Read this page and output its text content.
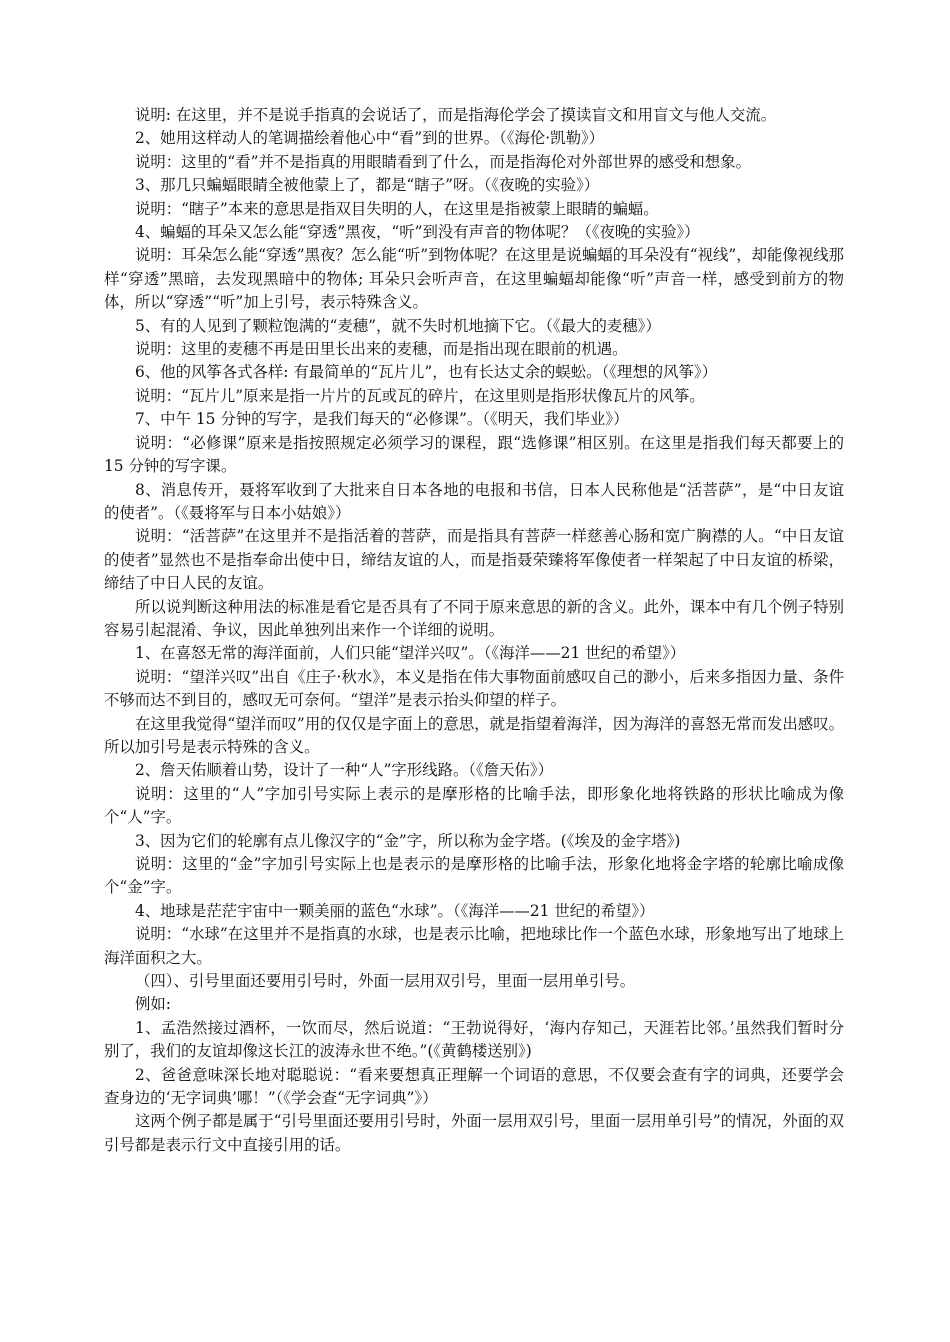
说明: 在这里，并不是说手指真的会说话了，而是指海伦学会了摸读盲文和用盲文与他人交流。

2、她用这样动人的笔调描绘着他心中“看”到的世界。（《海伦·凯勒》）

说明：这里的“看”并不是指真的用眼睛看到了什么，而是指海伦对外部世界的感受和想象。

3、那几只蝙蝠眼睛全被他蒙上了，都是“瞎子”呀。（《夜晚的实验》）

说明：“瞎子”本来的意思是指双目失明的人，在这里是指被蒙上眼睛的蝙蝠。

4、蝙蝠的耳朵又怎么能“穿透”黑夜，“听”到没有声音的物体呢？（《夜晚的实验》）

说明：耳朵怎么能“穿透”黑夜？怎么能“听”到物体呢？在这里是说蝙蝠的耳朵没有“视线”，却能像视线那样“穿透”黑暗，去发现黑暗中的物体; 耳朵只会听声音，在这里蝙蝠却能像“听”声音一样，感受到前方的物体，所以“穿透”“听”加上引号，表示特殊含义。

5、有的人见到了颗粒饱满的“麦穗”，就不失时机地摘下它。（《最大的麦穗》）

说明：这里的麦穗不再是田里长出来的麦穗，而是指出现在眼前的机遇。

6、他的风筝各式各样: 有最简单的“瓦片儿”，也有长达丈余的蜈蚣。（《理想的风筝》）

说明：“瓦片儿”原来是指一片片的瓦或瓦的碎片，在这里则是指形状像瓦片的风筝。

7、中午 15 分钟的写字，是我们每天的“必修课”。（《明天，我们毕业》）

说明：“必修课”原来是指按照规定必须学习的课程，跟“选修课”相区别。在这里是指我们每天都要上的 15 分钟的写字课。

8、消息传开，聂将军收到了大批来自日本各地的电报和书信，日本人民称他是“活菩萨”，是“中日友谊的使者”。（《聂将军与日本小姑娘》）

说明：“活菩萨”在这里并不是指活着的菩萨，而是指具有菩萨一样慈善心肠和宽广胸襟的人。“中日友谊的使者”显然也不是指奉命出使中日，缔结友谊的人，而是指聂荣臻将军像使者一样架起了中日友谊的桥梁，缔结了中日人民的友谊。

所以说判断这种用法的标准是看它是否具有了不同于原来意思的新的含义。此外，课本中有几个例子特别容易引起混淆、争议，因此单独列出来作一个详细的说明。

1、在喜怒无常的海洋面前，人们只能“望洋兴叹”。（《海洋——21 世纪的希望》）

说明：“望洋兴叹”出自《庄子·秋水》，本义是指在伟大事物面前感叹自己的渺小，后来多指因力量、条件不够而达不到目的，感叹无可奈何。“望洋”是表示抬头仰望的样子。

在这里我觉得“望洋而叹”用的仅仅是字面上的意思，就是指望着海洋，因为海洋的喜怒无常而发出感叹。所以加引号是表示特殊的含义。

2、詹天佑顺着山势，设计了一种“人”字形线路。（《詹天佑》）

说明：这里的“人”字加引号实际上表示的是摩形格的比喻手法，即形象化地将铁路的形状比喻成为像个“人”字。

3、因为它们的轮廓有点儿像汉字的“金”字，所以称为金字塔。(《埃及的金字塔》)

说明：这里的“金”字加引号实际上也是表示的是摩形格的比喻手法，形象化地将金字塔的轮廓比喻成像个“金”字。

4、地球是茫茫宇宙中一颗美丽的蓝色“水球”。（《海洋——21 世纪的希望》）

说明：“水球”在这里并不是指真的水球，也是表示比喻，把地球比作一个蓝色水球，形象地写出了地球上海洋面积之大。

（四）、引号里面还要用引号时，外面一层用双引号，里面一层用单引号。

例如:

1、孟浩然接过酒杯，一饮而尽，然后说道：“王勃说得好，‘海内存知己，天涯若比邻。’虽然我们暂时分别了，我们的友谊却像这长江的波涛永世不绝。”(《黄鹤楼送别》)

2、爸爸意味深长地对聪聪说：“看来要想真正理解一个词语的意思，不仅要会查有字的词典，还要学会查身边的‘无字词典’哪！”（《学会查“无字词典”》）

这两个例子都是属于“引号里面还要用引号时，外面一层用双引号，里面一层用单引号”的情况，外面的双引号都是表示行文中直接引用的话。
